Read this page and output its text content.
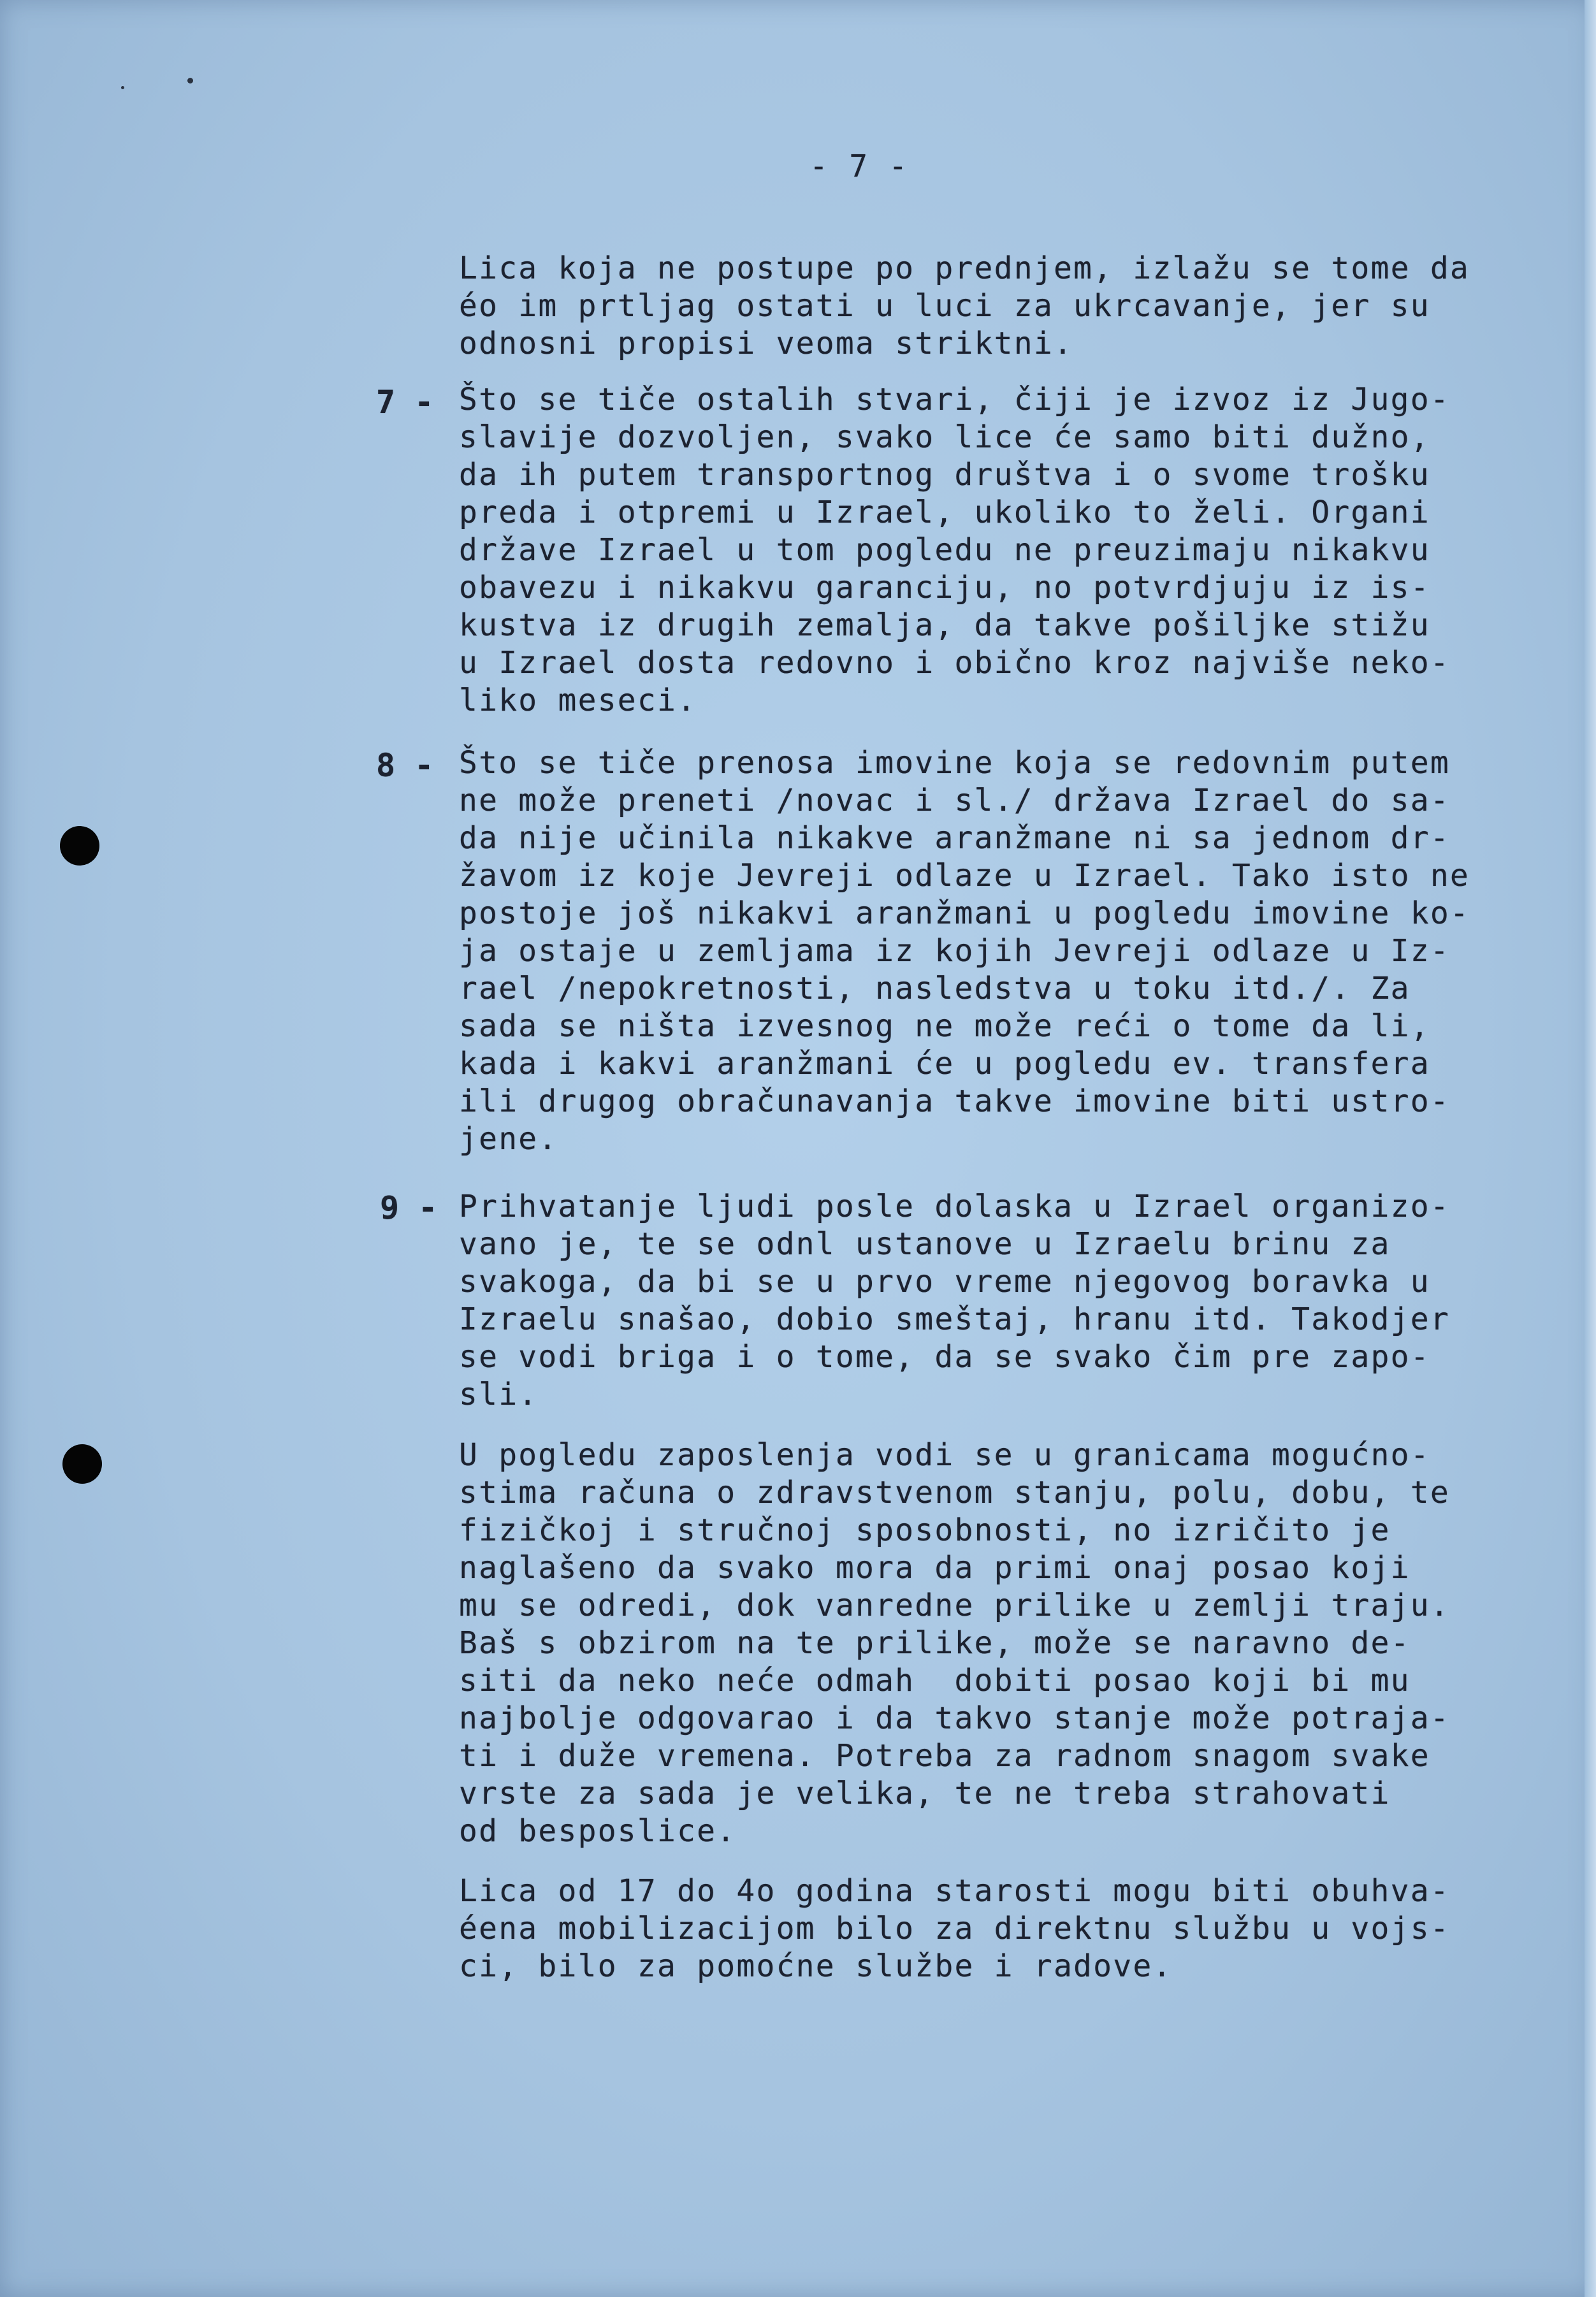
- 7 -

Lica koja ne postupe po prednjem, izlažu se tome da
éo im prtljag ostati u luci za ukrcavanje, jer su
odnosni propisi veoma striktni.

7 - Što se tiče ostalih stvari, čiji je izvoz iz Jugo-
slavije dozvoljen, svako lice će samo biti dužno,
da ih putem transportnog društva i o svome trošku
preda i otpremi u Izrael, ukoliko to želi. Organi
države Izrael u tom pogledu ne preuzimaju nikakvu
obavezu i nikakvu garanciju, no potvrdjuju iz is-
kustva iz drugih zemalja, da takve pošiljke stižu
u Izrael dosta redovno i obično kroz najviše neko-
liko meseci.

8 - Što se tiče prenosa imovine koja se redovnim putem
ne može preneti /novac i sl./ država Izrael do sa-
da nije učinila nikakve aranžmane ni sa jednom dr-
žavom iz koje Jevreji odlaze u Izrael. Tako isto ne
postoje još nikakvi aranžmani u pogledu imovine ko-
ja ostaje u zemljama iz kojih Jevreji odlaze u Iz-
rael /nepokretnosti, nasledstva u toku itd./. Za
sada se ništa izvesnog ne može reći o tome da li,
kada i kakvi aranžmani će u pogledu ev. transfera
ili drugog obračunavanja takve imovine biti ustro-
jene.

9 - Prihvatanje ljudi posle dolaska u Izrael organizo-
vano je, te se odnl ustanove u Izraelu brinu za
svakoga, da bi se u prvo vreme njegovog boravka u
Izraelu snašao, dobio smeštaj, hranu itd. Takodjer
se vodi briga i o tome, da se svako čim pre zapo-
sli.

U pogledu zaposlenja vodi se u granicama mogućno-
stima računa o zdravstvenom stanju, polu, dobu, te
fizičkoj i stručnoj sposobnosti, no izričito je
naglašeno da svako mora da primi onaj posao koji
mu se odredi, dok vanredne prilike u zemlji traju.
Baš s obzirom na te prilike, može se naravno de-
siti da neko neće odmah  dobiti posao koji bi mu
najbolje odgovarao i da takvo stanje može potraja-
ti i duže vremena. Potreba za radnom snagom svake
vrste za sada je velika, te ne treba strahovati
od besposlice.

Lica od 17 do 4o godina starosti mogu biti obuhva-
éena mobilizacijom bilo za direktnu službu u vojs-
ci, bilo za pomoćne službe i radove.
